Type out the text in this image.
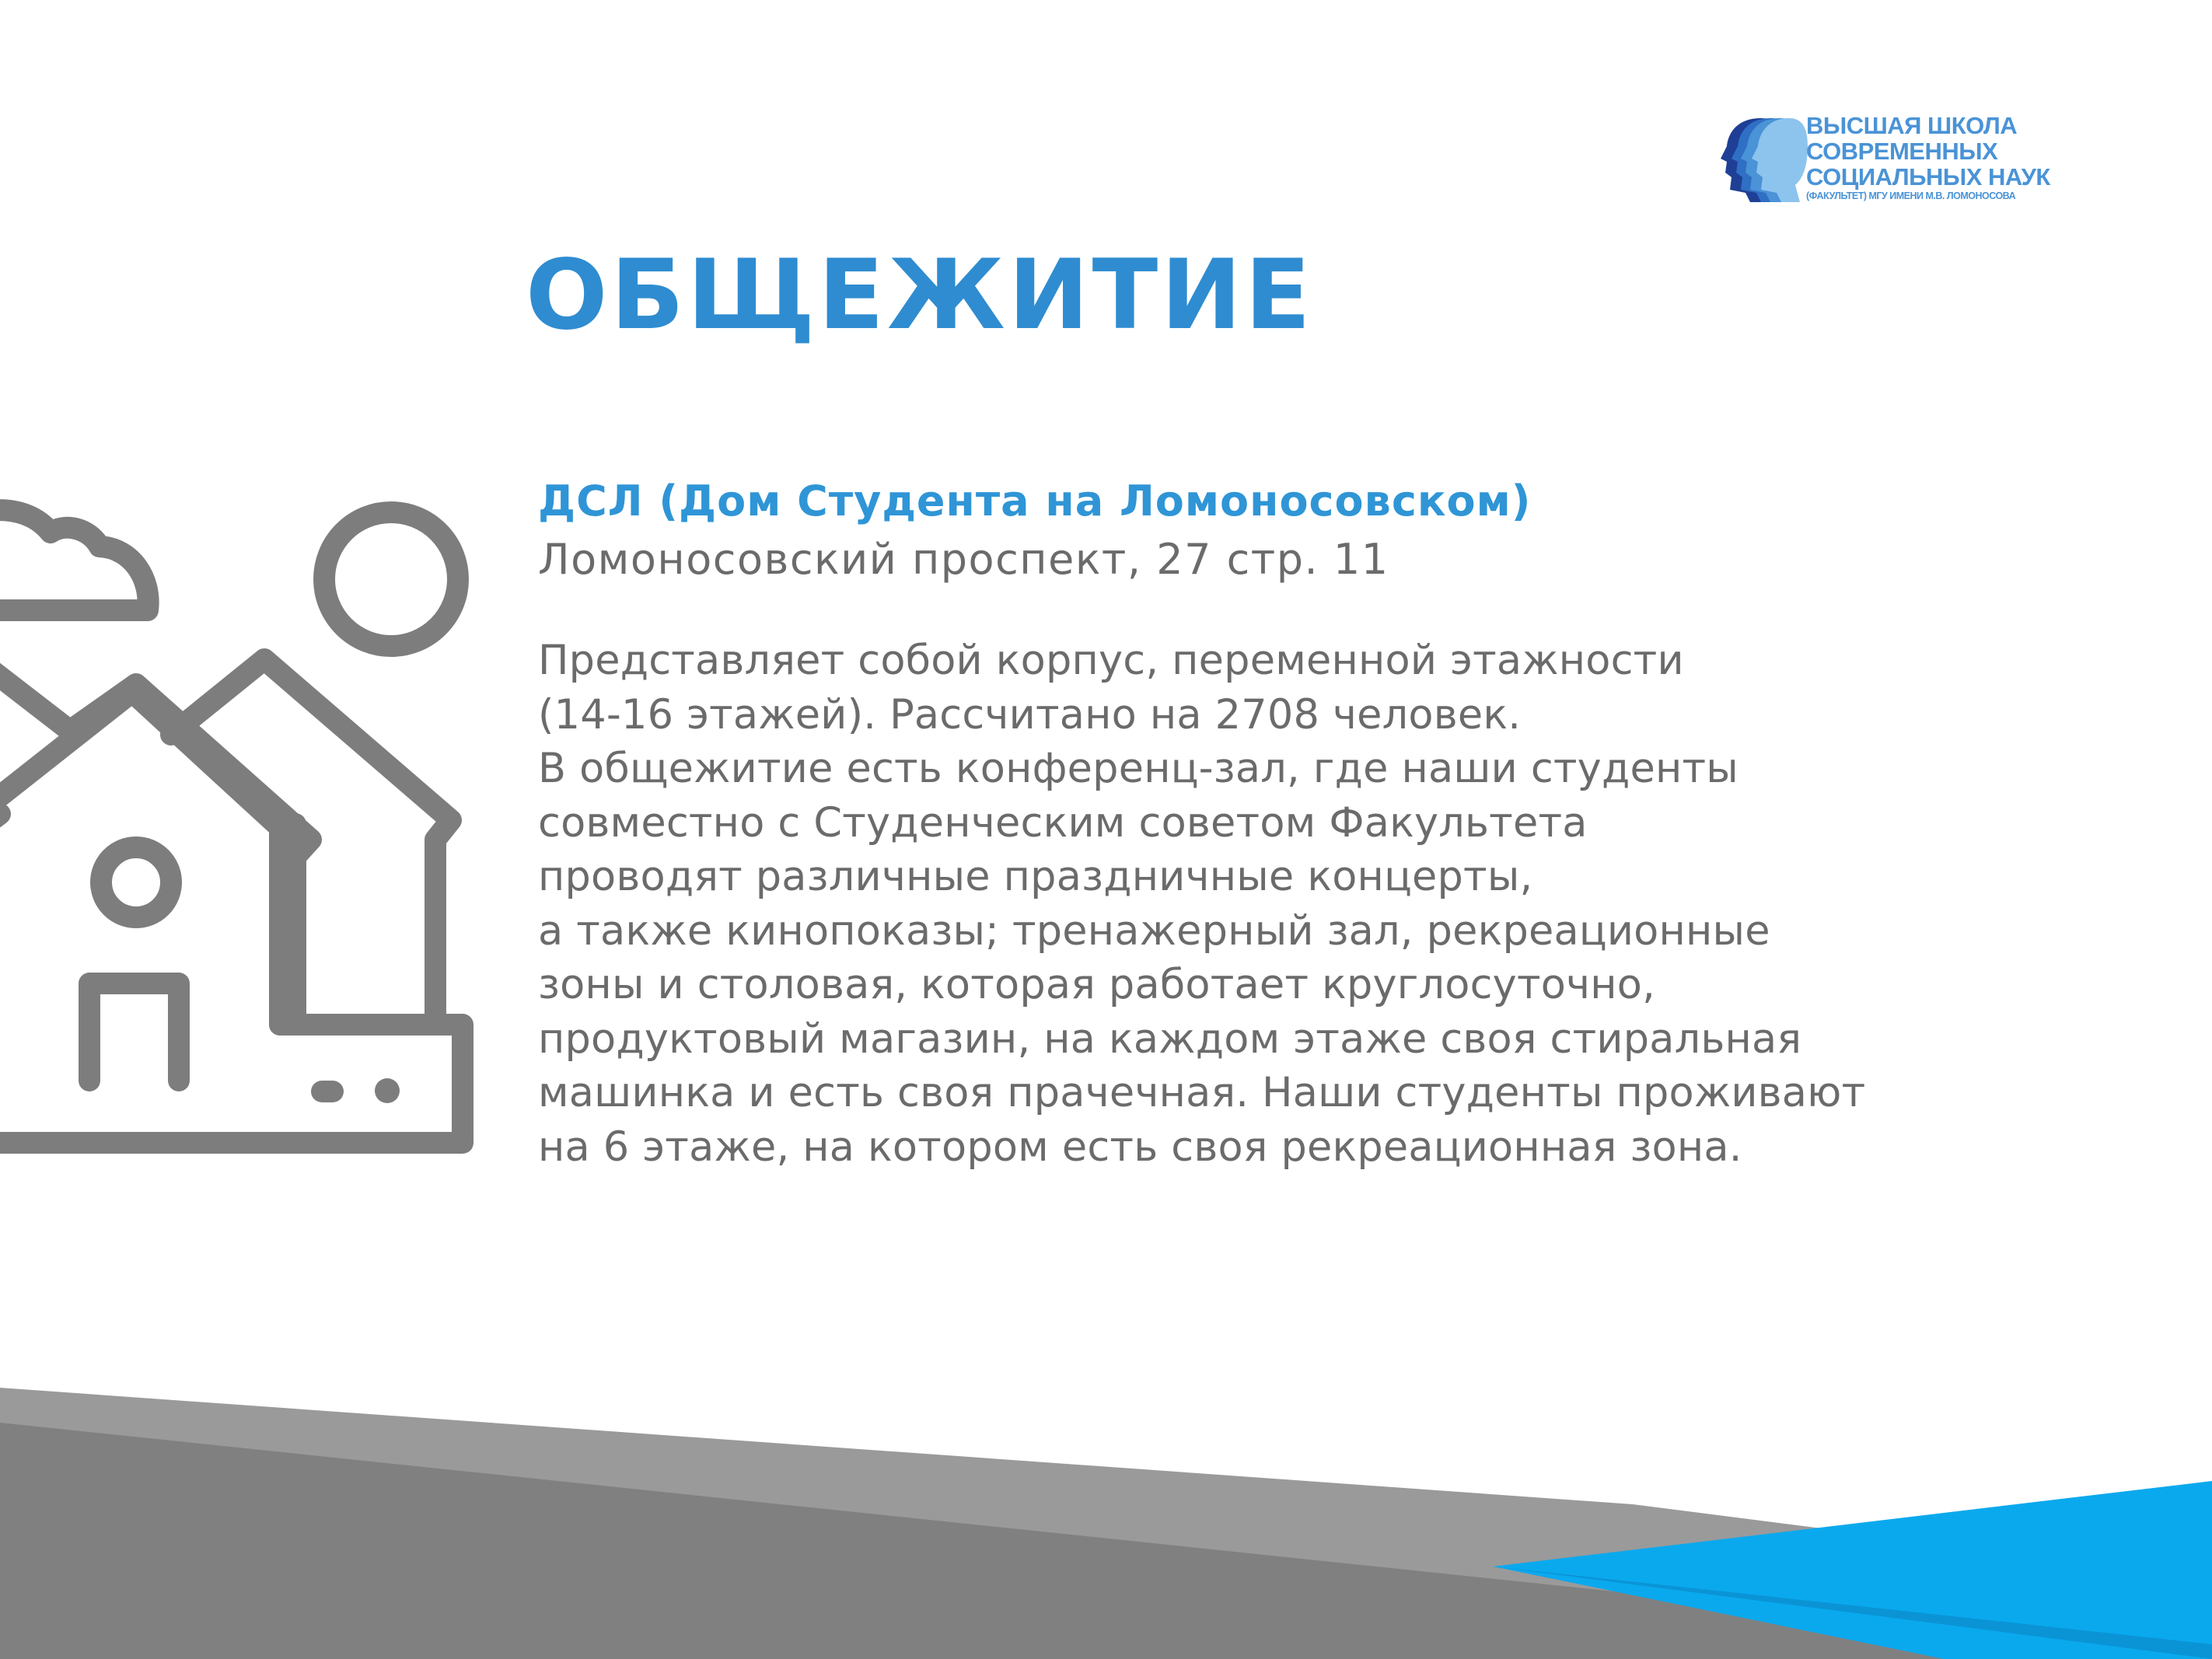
ВЫСШАЯ ШКОЛА
СОВРЕМЕННЫХ
СОЦИАЛЬНЫХ НАУК
(ФАКУЛЬТЕТ) МГУ ИМЕНИ М.В. ЛОМОНОСОВА
ОБЩЕЖИТИЕ
ДСЛ (Дом Студента на Ломоносовском)
Ломоносовский проспект, 27 стр. 11
Представляет собой корпус, переменной этажности
(14-16 этажей). Рассчитано на 2708 человек.
В общежитие есть конференц-зал, где наши студенты
совместно с Студенческим советом Факультета
проводят различные праздничные концерты,
а также кинопоказы; тренажерный зал, рекреационные
зоны и столовая, которая работает круглосуточно,
продуктовый магазин, на каждом этаже своя стиральная
машинка и есть своя прачечная. Наши студенты проживают
на 6 этаже, на котором есть своя рекреационная зона.
